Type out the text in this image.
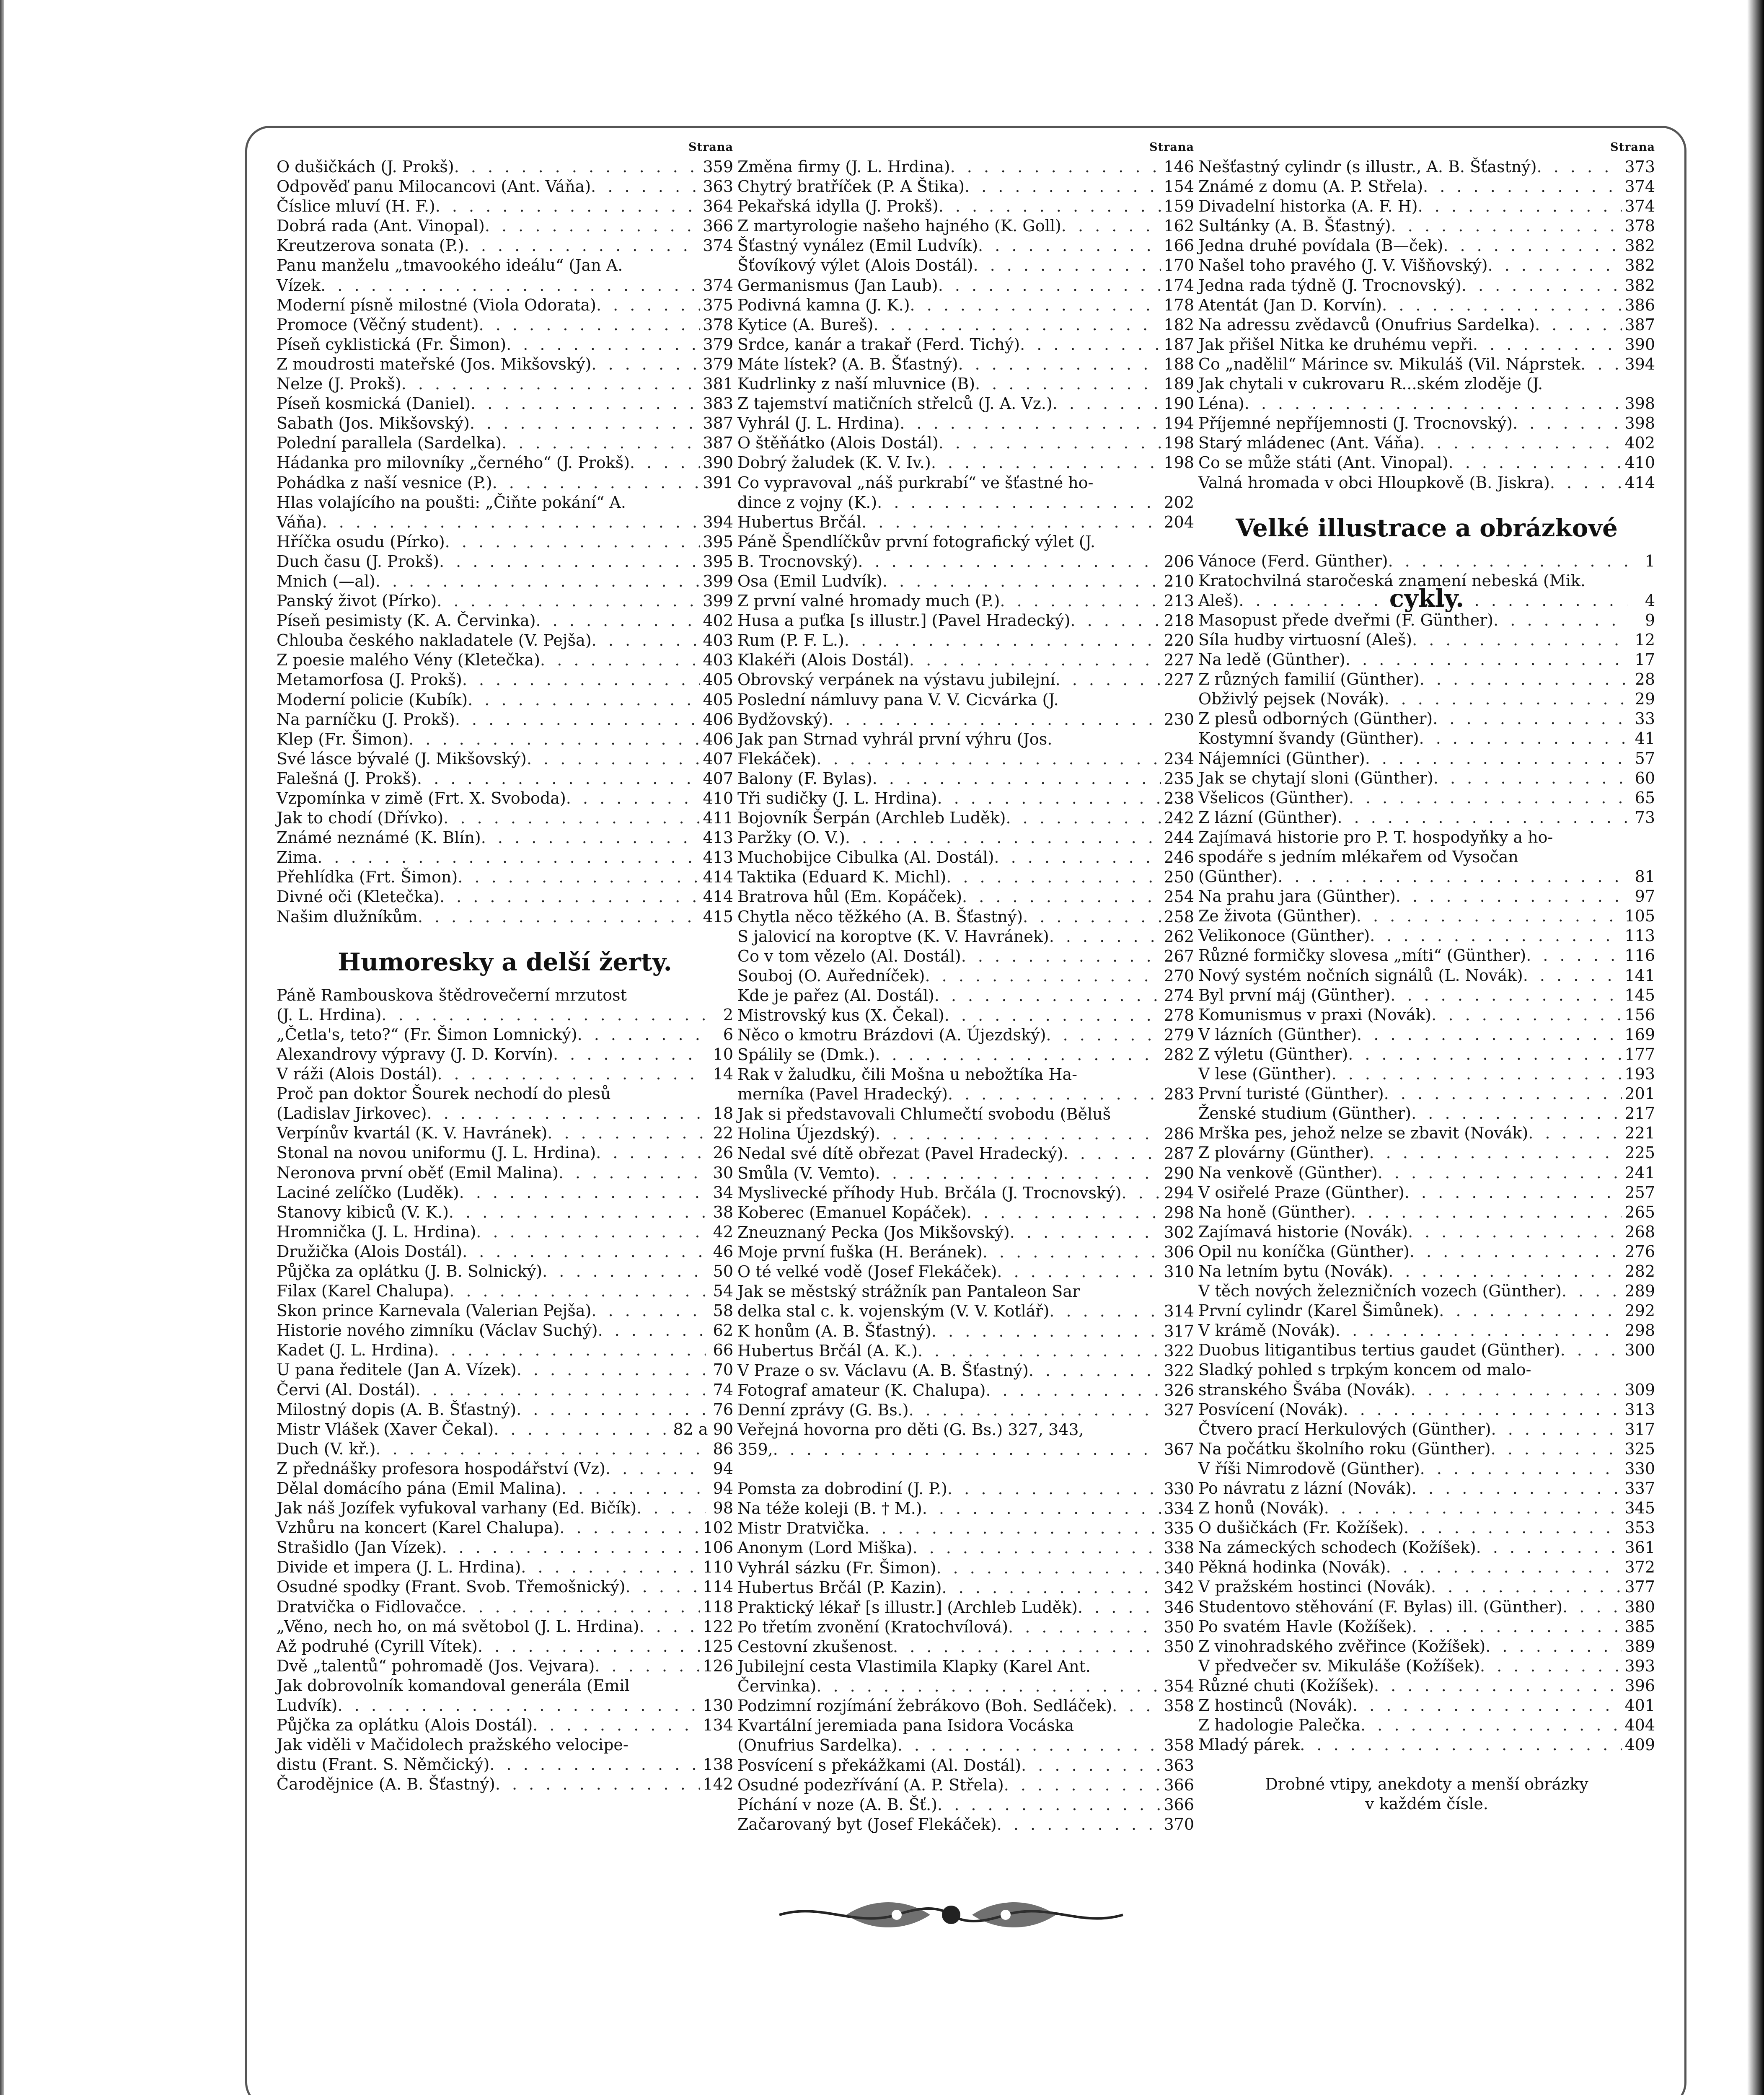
Strana
O dušičkách (J. Prokš) . . .	359
Odpověď panu Milocancovi (Ant. Váňa) . . .	363
Číslice mluví (H. F.) . . .	364
Dobrá rada (Ant. Vinopal) . . .	366
Kreutzerova sonata (P.) . . .	374
Panu manželu „tmavookého ideálu“ (Jan A.
Vízek . . .	374
Moderní písně milostné (Viola Odorata) . . .	375
Promoce (Věčný student) . . .	378
Píseň cyklistická (Fr. Šimon) . . .	379
Z moudrosti mateřské (Jos. Mikšovský) . . .	379
Nelze (J. Prokš) . . .	381
Píseň kosmická (Daniel) . . .	383
Sabath (Jos. Mikšovský) . . .	387
Polední parallela (Sardelka) . . .	387
Hádanka pro milovníky „černého“ (J. Prokš) . . .	390
Pohádka z naší vesnice (P.) . . .	391
Hlas volajícího na poušti: „Čiňte pokání“ A.
Váňa) . . .	394
Hříčka osudu (Pírko) . . .	395
Duch času (J. Prokš) . . .	395
Mnich (—al) . . .	399
Panský život (Pírko) . . .	399
Píseň pesimisty (K. A. Červinka) . . .	402
Chlouba českého nakladatele (V. Pejša) . . .	403
Z poesie malého Vény (Kletečka) . . .	403
Metamorfosa (J. Prokš) . . .	405
Moderní policie (Kubík) . . .	405
Na parníčku (J. Prokš) . . .	406
Klep (Fr. Šimon) . . .	406
Své lásce bývalé (J. Mikšovský) . . .	407
Falešná (J. Prokš) . . .	407
Vzpomínka v zimě (Frt. X. Svoboda) . . .	410
Jak to chodí (Dřívko) . . .	411
Známé neznámé (K. Blín) . . .	413
Zima . . .	413
Přehlídka (Frt. Šimon) . . .	414
Divné oči (Kletečka) . . .	414
Našim dlužníkům . . .	415
Humoresky a delší žerty.
Páně Rambouskova štědrovečerní mrzutost
(J. L. Hrdina) . . .	2
„Četla's, teto?“ (Fr. Šimon Lomnický) . . .	6
Alexandrovy výpravy (J. D. Korvín) . . .	10
V ráži (Alois Dostál) . . .	14
Proč pan doktor Šourek nechodí do plesů
(Ladislav Jirkovec) . . .	18
Verpínův kvartál (K. V. Havránek) . . .	22
Stonal na novou uniformu (J. L. Hrdina) . . .	26
Neronova první oběť (Emil Malina) . . .	30
Laciné zelíčko (Luděk) . . .	34
Stanovy kibiců (V. K.) . . .	38
Hromnička (J. L. Hrdina) . . .	42
Družička (Alois Dostál) . . .	46
Půjčka za oplátku (J. B. Solnický) . . .	50
Filax (Karel Chalupa) . . .	54
Skon prince Karnevala (Valerian Pejša) . . .	58
Historie nového zimníku (Václav Suchý) . . .	62
Kadet (J. L. Hrdina) . . .	66
U pana ředitele (Jan A. Vízek) . . .	70
Červi (Al. Dostál) . . .	74
Milostný dopis (A. B. Šťastný) . . .	76
Mistr Vlášek (Xaver Čekal) . . .	82 a 90
Duch (V. kř.) . . .	86
Z přednášky profesora hospodářství (Vz) . . .	94
Dělal domácího pána (Emil Malina) . . .	94
Jak náš Jozífek vyfukoval varhany (Ed. Bičík) . . .	98
Vzhůru na koncert (Karel Chalupa) . . .	102
Strašidlo (Jan Vízek) . . .	106
Divide et impera (J. L. Hrdina) . . .	110
Osudné spodky (Frant. Svob. Třemošnický) . . .	114
Dratvička o Fidlovačce . . .	118
„Věno, nech ho, on má světobol (J. L. Hrdina) . . .	122
Až podruhé (Cyrill Vítek) . . .	125
Dvě „talentů“ pohromadě (Jos. Vejvara) . . .	126
Jak dobrovolník komandoval generála (Emil
Ludvík) . . .	130
Půjčka za oplátku (Alois Dostál) . . .	134
Jak viděli v Mačidolech pražského velocipe-
distu (Frant. S. Němčický) . . .	138
Čarodějnice (A. B. Šťastný) . . .	142
Strana
Změna firmy (J. L. Hrdina) . . .	146
Chytrý bratříček (P. A Štika) . . .	154
Pekařská idylla (J. Prokš) . . .	159
Z martyrologie našeho hajného (K. Goll) . . .	162
Šťastný vynález (Emil Ludvík) . . .	166
Šťovíkový výlet (Alois Dostál) . . .	170
Germanismus (Jan Laub) . . .	174
Podivná kamna (J. K.) . . .	178
Kytice (A. Bureš) . . .	182
Srdce, kanár a trakař (Ferd. Tichý) . . .	187
Máte lístek? (A. B. Šťastný) . . .	188
Kudrlinky z naší mluvnice (B) . . .	189
Z tajemství matičních střelců (J. A. Vz.) . . .	190
Vyhrál (J. L. Hrdina) . . .	194
O štěňátko (Alois Dostál) . . .	198
Dobrý žaludek (K. V. Iv.) . . .	198
Co vypravoval „náš purkrabí“ ve šťastné ho-
dince z vojny (K.) . . .	202
Hubertus Brčál . . .	204
Páně Špendlíčkův první fotografický výlet (J.
B. Trocnovský) . . .	206
Osa (Emil Ludvík) . . .	210
Z první valné hromady much (P.) . . .	213
Husa a puťka [s illustr.] (Pavel Hradecký) . . .	218
Rum (P. F. L.) . . .	220
Klakéři (Alois Dostál) . . .	227
Obrovský verpánek na výstavu jubilejní . . .	227
Poslední námluvy pana V. V. Cicvárka (J.
Bydžovský) . . .	230
Jak pan Strnad vyhrál první výhru (Jos.
Flekáček) . . .	234
Balony (F. Bylas) . . .	235
Tři sudičky (J. L. Hrdina) . . .	238
Bojovník Šerpán (Archleb Luděk) . . .	242
Paržky (O. V.) . . .	244
Muchobijce Cibulka (Al. Dostál) . . .	246
Taktika (Eduard K. Michl) . . .	250
Bratrova hůl (Em. Kopáček) . . .	254
Chytla něco těžkého (A. B. Šťastný) . . .	258
S jalovicí na koroptve (K. V. Havránek) . . .	262
Co v tom vězelo (Al. Dostál) . . .	267
Souboj (O. Auředníček) . . .	270
Kde je pařez (Al. Dostál) . . .	274
Mistrovský kus (X. Čekal) . . .	278
Něco o kmotru Brázdovi (A. Újezdský) . . .	279
Spálily se (Dmk.) . . .	282
Rak v žaludku, čili Mošna u nebožtíka Ha-
merníka (Pavel Hradecký) . . .	283
Jak si představovali Chlumečtí svobodu (Běluš
Holina Újezdský) . . .	286
Nedal své dítě obřezat (Pavel Hradecký) . . .	287
Smůla (V. Vemto) . . .	290
Myslivecké příhody Hub. Brčála (J. Trocnovský) . . .	294
Koberec (Emanuel Kopáček) . . .	298
Zneuznaný Pecka (Jos Mikšovský) . . .	302
Moje první fuška (H. Beránek) . . .	306
O té velké vodě (Josef Flekáček) . . .	310
Jak se městský strážník pan Pantaleon Sar
delka stal c. k. vojenským (V. V. Kotlář) . . .	314
K honům (A. B. Šťastný) . . .	317
Hubertus Brčál (A. K.) . . .	322
V Praze o sv. Václavu (A. B. Šťastný) . . .	322
Fotograf amateur (K. Chalupa) . . .	326
Denní zprávy (G. Bs.) . . .	327
Veřejná hovorna pro děti (G. Bs.) 327, 343,
359, . . .	367
Pomsta za dobrodiní (J. P.) . . .	330
Na téže koleji (B. † M.) . . .	334
Mistr Dratvička . . .	335
Anonym (Lord Miška) . . .	338
Vyhrál sázku (Fr. Šimon) . . .	340
Hubertus Brčál (P. Kazin) . . .	342
Praktický lékař [s illustr.] (Archleb Luděk) . . .	346
Po třetím zvonění (Kratochvílová) . . .	350
Cestovní zkušenost . . .	350
Jubilejní cesta Vlastimila Klapky (Karel Ant.
Červinka) . . .	354
Podzimní rozjímání žebrákovo (Boh. Sedláček) . . .	358
Kvartální jeremiada pana Isidora Vocáska
(Onufrius Sardelka) . . .	358
Posvícení s překážkami (Al. Dostál) . . .	363
Osudné podezřívání (A. P. Střela) . . .	366
Píchání v noze (A. B. Šť.) . . .	366
Začarovaný byt (Josef Flekáček) . . .	370
Strana
Nešťastný cylindr (s illustr., A. B. Šťastný) . . .	373
Známé z domu (A. P. Střela) . . .	374
Divadelní historka (A. F. H) . . .	374
Sultánky (A. B. Šťastný) . . .	378
Jedna druhé povídala (B—ček) . . .	382
Našel toho pravého (J. V. Višňovský) . . .	382
Jedna rada týdně (J. Trocnovský) . . .	382
Atentát (Jan D. Korvín) . . .	386
Na adressu zvědavců (Onufrius Sardelka) . . .	387
Jak přišel Nitka ke druhému vepři . . .	390
Co „nadělil“ Márince sv. Mikuláš (Vil. Náprstek . . .	394
Jak chytali v cukrovaru R...ském zloděje (J.
Léna) . . .	398
Příjemné nepříjemnosti (J. Trocnovský) . . .	398
Starý mládenec (Ant. Váňa) . . .	402
Co se může státi (Ant. Vinopal) . . .	410
Valná hromada v obci Hloupkově (B. Jiskra) . . .	414
Velké illustrace a obrázkové cykly.
Vánoce (Ferd. Günther) . . .	1
Kratochvilná staročeská znamení nebeská (Mik.
Aleš) . . .	4
Masopust přede dveřmi (F. Günther) . . .	9
Síla hudby virtuosní (Aleš) . . .	12
Na ledě (Günther) . . .	17
Z různých familií (Günther) . . .	28
Obživlý pejsek (Novák) . . .	29
Z plesů odborných (Günther) . . .	33
Kostymní švandy (Günther) . . .	41
Nájemníci (Günther) . . .	57
Jak se chytají sloni (Günther) . . .	60
Všelicos (Günther) . . .	65
Z lázní (Günther) . . .	73
Zajímavá historie pro P. T. hospodyňky a ho-
spodáře s jedním mlékařem od Vysočan
(Günther) . . .	81
Na prahu jara (Günther) . . .	97
Ze života (Günther) . . .	105
Velikonoce (Günther) . . .	113
Různé formičky slovesa „míti“ (Günther) . . .	116
Nový systém nočních signálů (L. Novák) . . .	141
Byl první máj (Günther) . . .	145
Komunismus v praxi (Novák) . . .	156
V lázních (Günther) . . .	169
Z výletu (Günther) . . .	177
V lese (Günther) . . .	193
První turisté (Günther) . . .	201
Ženské studium (Günther) . . .	217
Mrška pes, jehož nelze se zbavit (Novák) . . .	221
Z plovárny (Günther) . . .	225
Na venkově (Günther) . . .	241
V osiřelé Praze (Günther) . . .	257
Na honě (Günther) . . .	265
Zajímavá historie (Novák) . . .	268
Opil nu koníčka (Günther) . . .	276
Na letním bytu (Novák) . . .	282
V těch nových železničních vozech (Günther) . . .	289
První cylindr (Karel Šimůnek) . . .	292
V krámě (Novák) . . .	298
Duobus litigantibus tertius gaudet (Günther) . . .	300
Sladký pohled s trpkým koncem od malo-
stranského Švába (Novák) . . .	309
Posvícení (Novák) . . .	313
Čtvero prací Herkulových (Günther) . . .	317
Na počátku školního roku (Günther) . . .	325
V říši Nimrodově (Günther) . . .	330
Po návratu z lázní (Novák) . . .	337
Z honů (Novák) . . .	345
O dušičkách (Fr. Kožíšek) . . .	353
Na zámeckých schodech (Kožíšek) . . .	361
Pěkná hodinka (Novák) . . .	372
V pražském hostinci (Novák) . . .	377
Studentovo stěhování (F. Bylas) ill. (Günther) . . .	380
Po svatém Havle (Kožíšek) . . .	385
Z vinohradského zvěřince (Kožíšek) . . .	389
V předvečer sv. Mikuláše (Kožíšek) . . .	393
Různé chuti (Kožíšek) . . .	396
Z hostinců (Novák) . . .	401
Z hadologie Palečka . . .	404
Mladý párek . . .	409
Drobné vtipy, anekdoty a menší obrázky
v každém čísle.
